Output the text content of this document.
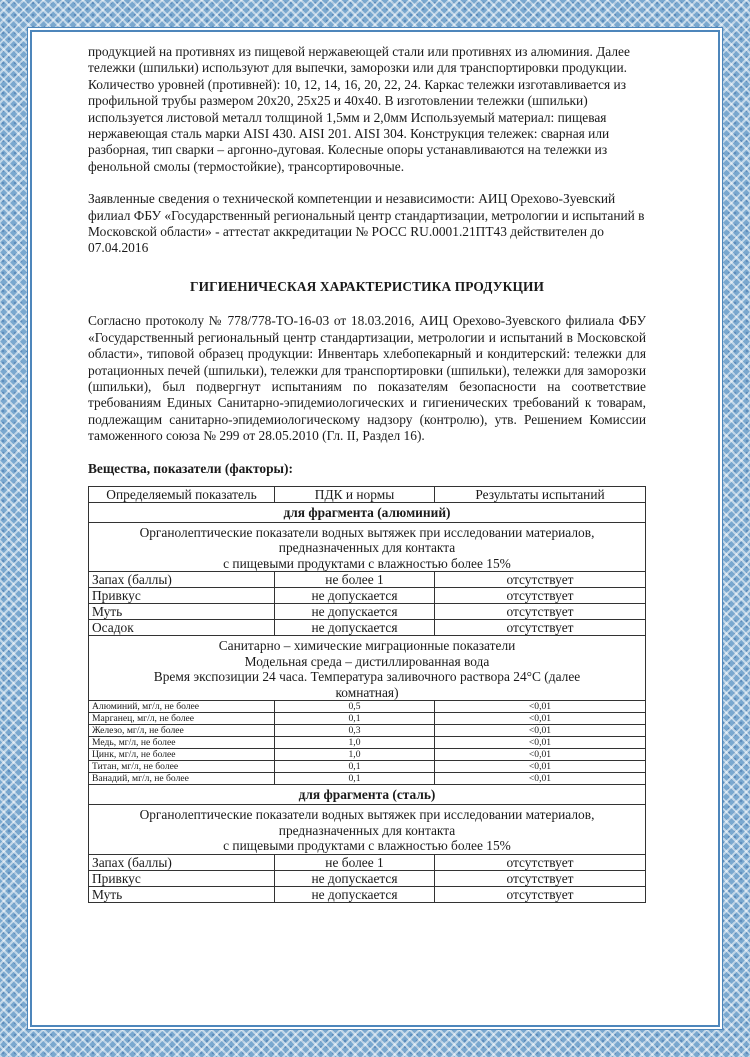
продукцией на противнях из пищевой нержавеющей стали или противнях из алюминия. Далее тележки (шпильки) используют для выпечки, заморозки или для транспортировки продукции. Количество уровней (противней): 10, 12, 14, 16, 20, 22, 24. Каркас тележки изготавливается из профильной трубы размером 20х20, 25х25 и 40х40. В изготовлении тележки (шпильки) используется листовой металл толщиной 1,5мм и 2,0мм Используемый материал: пищевая нержавеющая сталь марки AISI 430. AISI 201. AISI 304. Конструкция тележек: сварная или разборная, тип сварки – аргонно-дуговая. Колесные опоры устанавливаются на тележки из фенольной смолы (термостойкие), трансортировочные.

Заявленные сведения о технической компетенции и независимости: АИЦ Орехово-Зуевский филиал ФБУ «Государственный региональный центр стандартизации, метрологии и испытаний в Московской области» - аттестат аккредитации № РОСС RU.0001.21ПТ43 действителен до 07.04.2016

ГИГИЕНИЧЕСКАЯ ХАРАКТЕРИСТИКА ПРОДУКЦИИ

Согласно протоколу № 778/778-ТО-16-03 от 18.03.2016, АИЦ Орехово-Зуевского филиала ФБУ «Государственный региональный центр стандартизации, метрологии и испытаний в Московской области», типовой образец продукции: Инвентарь хлебопекарный и кондитерский: тележки для ротационных печей (шпильки), тележки для транспортировки (шпильки), тележки для заморозки (шпильки), был подвергнут испытаниям по показателям безопасности на соответствие требованиям Единых Санитарно-эпидемиологических и гигиенических требований к товарам, подлежащим санитарно-эпидемиологическому надзору (контролю), утв. Решением Комиссии таможенного союза № 299 от 28.05.2010 (Гл. II, Раздел 16).

Вещества, показатели (факторы):

Определяемый показатель	ПДК и нормы	Результаты испытаний
для фрагмента (алюминий)		

Органолептические показатели водных вытяжек при исследовании материалов,
предназначенных для контакта
с пищевыми продуктами с влажностью более 15%		

Запах (баллы)	не более 1	отсутствует
Привкус	не допускается	отсутствует
Муть	не допускается	отсутствует
Осадок	не допускается	отсутствует

Санитарно – химические миграционные показатели
Модельная среда – дистиллированная вода
Время экспозиции 24 часа. Температура заливочного раствора 24°С (далее
комнатная)		

Алюминий, мг/л, не более	0,5	<0,01
Марганец, мг/л, не более	0,1	<0,01
Железо, мг/л, не более	0,3	<0,01
Медь, мг/л, не более	1,0	<0,01
Цинк, мг/л, не более	1,0	<0,01
Титан, мг/л, не более	0,1	<0,01
Ванадий, мг/л, не более	0,1	<0,01
для фрагмента (сталь)		

Органолептические показатели водных вытяжек при исследовании материалов,
предназначенных для контакта
с пищевыми продуктами с влажностью более 15%		

Запах (баллы)	не более 1	отсутствует
Привкус	не допускается	отсутствует
Муть	не допускается	отсутствует
